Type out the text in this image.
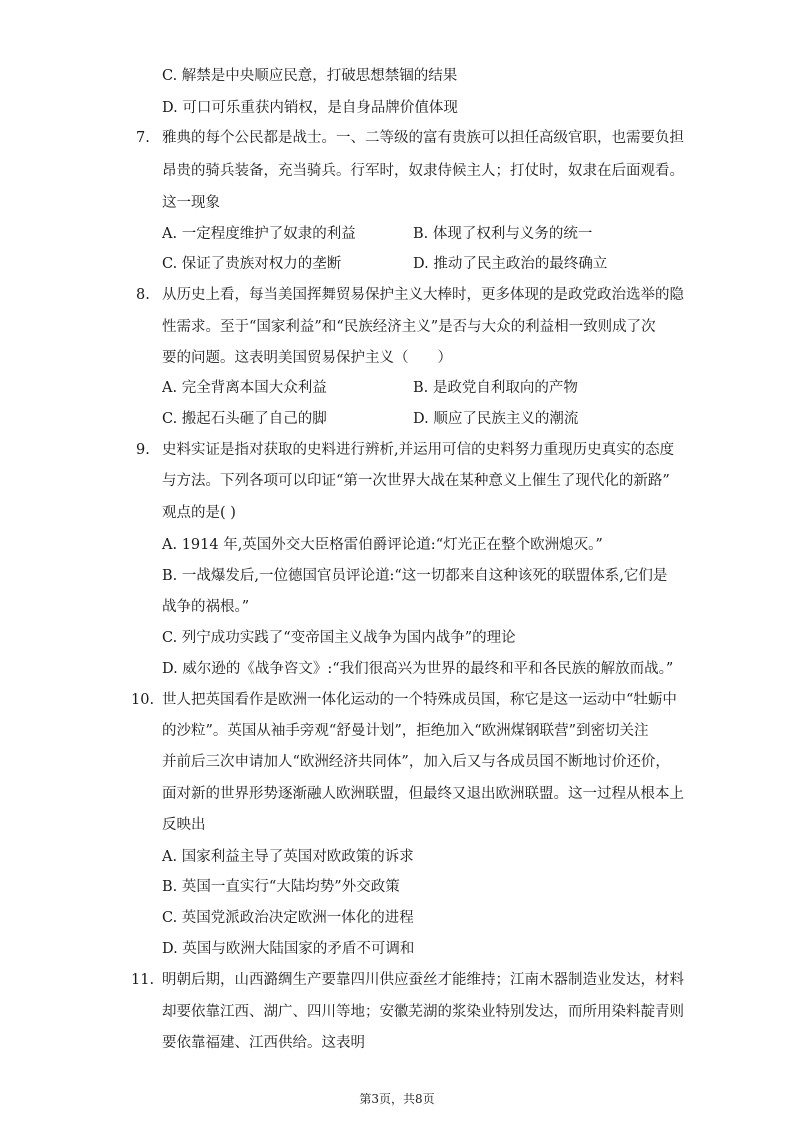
C. 解禁是中央顺应民意，打破思想禁锢的结果
D. 可口可乐重获内销权，是自身品牌价值体现
7. 雅典的每个公民都是战士。一、二等级的富有贵族可以担任高级官职，也需要负担
昂贵的骑兵装备，充当骑兵。行军时，奴隶侍候主人；打仗时，奴隶在后面观看。
这一现象
A. 一定程度维护了奴隶的利益	B. 体现了权利与义务的统一
C. 保证了贵族对权力的垄断	D. 推动了民主政治的最终确立
8. 从历史上看，每当美国挥舞贸易保护主义大棒时，更多体现的是政党政治选举的隐
性需求。至于“国家利益”和“民族经济主义”是否与大众的利益相一致则成了次
要的问题。这表明美国贸易保护主义（　　）
A. 完全背离本国大众利益	B. 是政党自利取向的产物
C. 搬起石头砸了自己的脚	D. 顺应了民族主义的潮流
9. 史料实证是指对获取的史料进行辨析,并运用可信的史料努力重现历史真实的态度
与方法。下列各项可以印证“第一次世界大战在某种意义上催生了现代化的新路”
观点的是( )
A. 1914 年,英国外交大臣格雷伯爵评论道:“灯光正在整个欧洲熄灭。”
B. 一战爆发后,一位德国官员评论道:“这一切都来自这种该死的联盟体系,它们是
战争的祸根。”
C. 列宁成功实践了“变帝国主义战争为国内战争”的理论
D. 威尔逊的《战争咨文》:“我们很高兴为世界的最终和平和各民族的解放而战。”
10. 世人把英国看作是欧洲一体化运动的一个特殊成员国，称它是这一运动中“牡蛎中
的沙粒”。英国从袖手旁观“舒曼计划”，拒绝加入“欧洲煤钢联营”到密切关注
并前后三次申请加人“欧洲经济共同体”，加入后又与各成员国不断地讨价还价，
面对新的世界形势逐渐融人欧洲联盟，但最终又退出欧洲联盟。这一过程从根本上
反映出
A. 国家利益主导了英国对欧政策的诉求
B. 英国一直实行“大陆均势”外交政策
C. 英国党派政治决定欧洲一体化的进程
D. 英国与欧洲大陆国家的矛盾不可调和
11. 明朝后期，山西潞绸生产要靠四川供应蚕丝才能维持；江南木器制造业发达，材料
却要依靠江西、湖广、四川等地；安徽芜湖的浆染业特别发达，而所用染料靛青则
要依靠福建、江西供给。这表明
第3页，共8页
